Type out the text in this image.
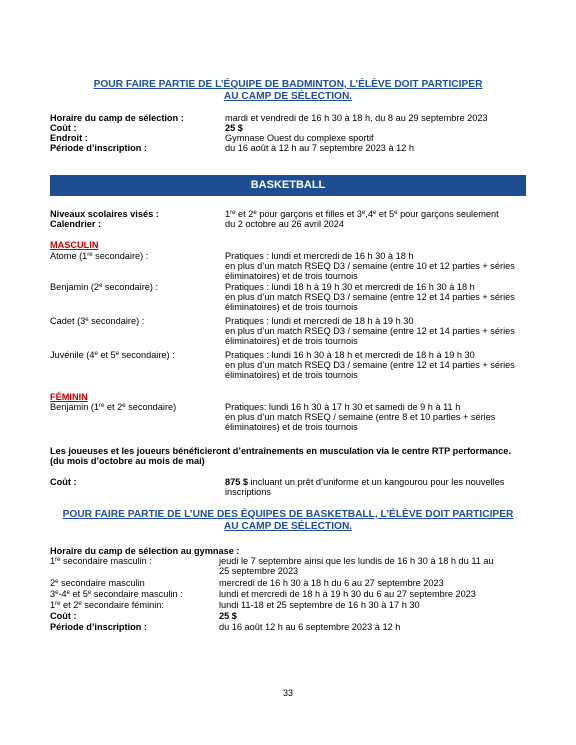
POUR FAIRE PARTIE DE L’ÉQUIPE DE BADMINTON, L’ÉLÈVE DOIT PARTICIPER
AU CAMP DE SÉLECTION.
Horaire du camp de sélection :	mardi et vendredi de 16 h 30 à 18 h, du 8 au 29 septembre 2023
Coût :	25 $
Endroit :	Gymnase Ouest du complexe sportif
Période d’inscription :	du 16 août à 12 h au 7 septembre 2023 à 12 h
BASKETBALL
Niveaux scolaires visés :	1re et 2e pour garçons et filles et 3e,4e et 5e pour garçons seulement
Calendrier :	du 2 octobre au 26 avril 2024
MASCULIN
Atome (1re secondaire) :	Pratiques : lundi et mercredi de 16 h 30 à 18 h
en plus d’un match RSEQ D3 / semaine (entre 10 et 12 parties + séries
éliminatoires) et de trois tournois
Benjamin (2e secondaire) :	Pratiques : lundi 18 h à 19 h 30 et mercredi de 16 h 30 à 18 h
en plus d’un match RSEQ D3 / semaine (entre 12 et 14 parties + séries
éliminatoires) et de trois tournois
Cadet (3e secondaire) :	Pratiques : lundi et mercredi de 18 h à 19 h 30
en plus d’un match RSEQ D3 / semaine (entre 12 et 14 parties + séries
éliminatoires) et de trois tournois
Juvénile (4e et 5e secondaire) :	Pratiques : lundi 16 h 30 à 18 h et mercredi de 18 h à 19 h 30
en plus d’un match RSEQ D3 / semaine (entre 12 et 14 parties + séries
éliminatoires) et de trois tournois
FÉMININ
Benjamin (1re et 2e secondaire)	Pratiques: lundi 16 h 30 à 17 h 30 et samedi de 9 h à 11 h
en plus d’un match RSEQ / semaine (entre 8 et 10 parties + séries
éliminatoires) et de trois tournois
Les joueuses et les joueurs bénéficieront d’entraînements en musculation via le centre RTP performance.
(du mois d’octobre au mois de mai)
Coût :	875 $ incluant un prêt d’uniforme et un kangourou pour les nouvelles
inscriptions
POUR FAIRE PARTIE DE L’UNE DES ÉQUIPES DE BASKETBALL, L’ÉLÈVE DOIT PARTICIPER
AU CAMP DE SÉLECTION.
Horaire du camp de sélection au gymnase :
1re secondaire masculin :	jeudi le 7 septembre ainsi que les lundis de 16 h 30 à 18 h du 11 au
25 septembre 2023
2e secondaire masculin	mercredi de 16 h 30 à 18 h du 6 au 27 septembre 2023
3e-4e et 5e secondaire masculin :	lundi et mercredi de 18 h à 19 h 30 du 6 au 27 septembre 2023
1re et 2e secondaire féminin:	lundi 11-18 et 25 septembre de 16 h 30 à 17 h 30
Coût :	25 $
Période d’inscription :	du 16 août 12 h au 6 septembre 2023 à 12 h
33
